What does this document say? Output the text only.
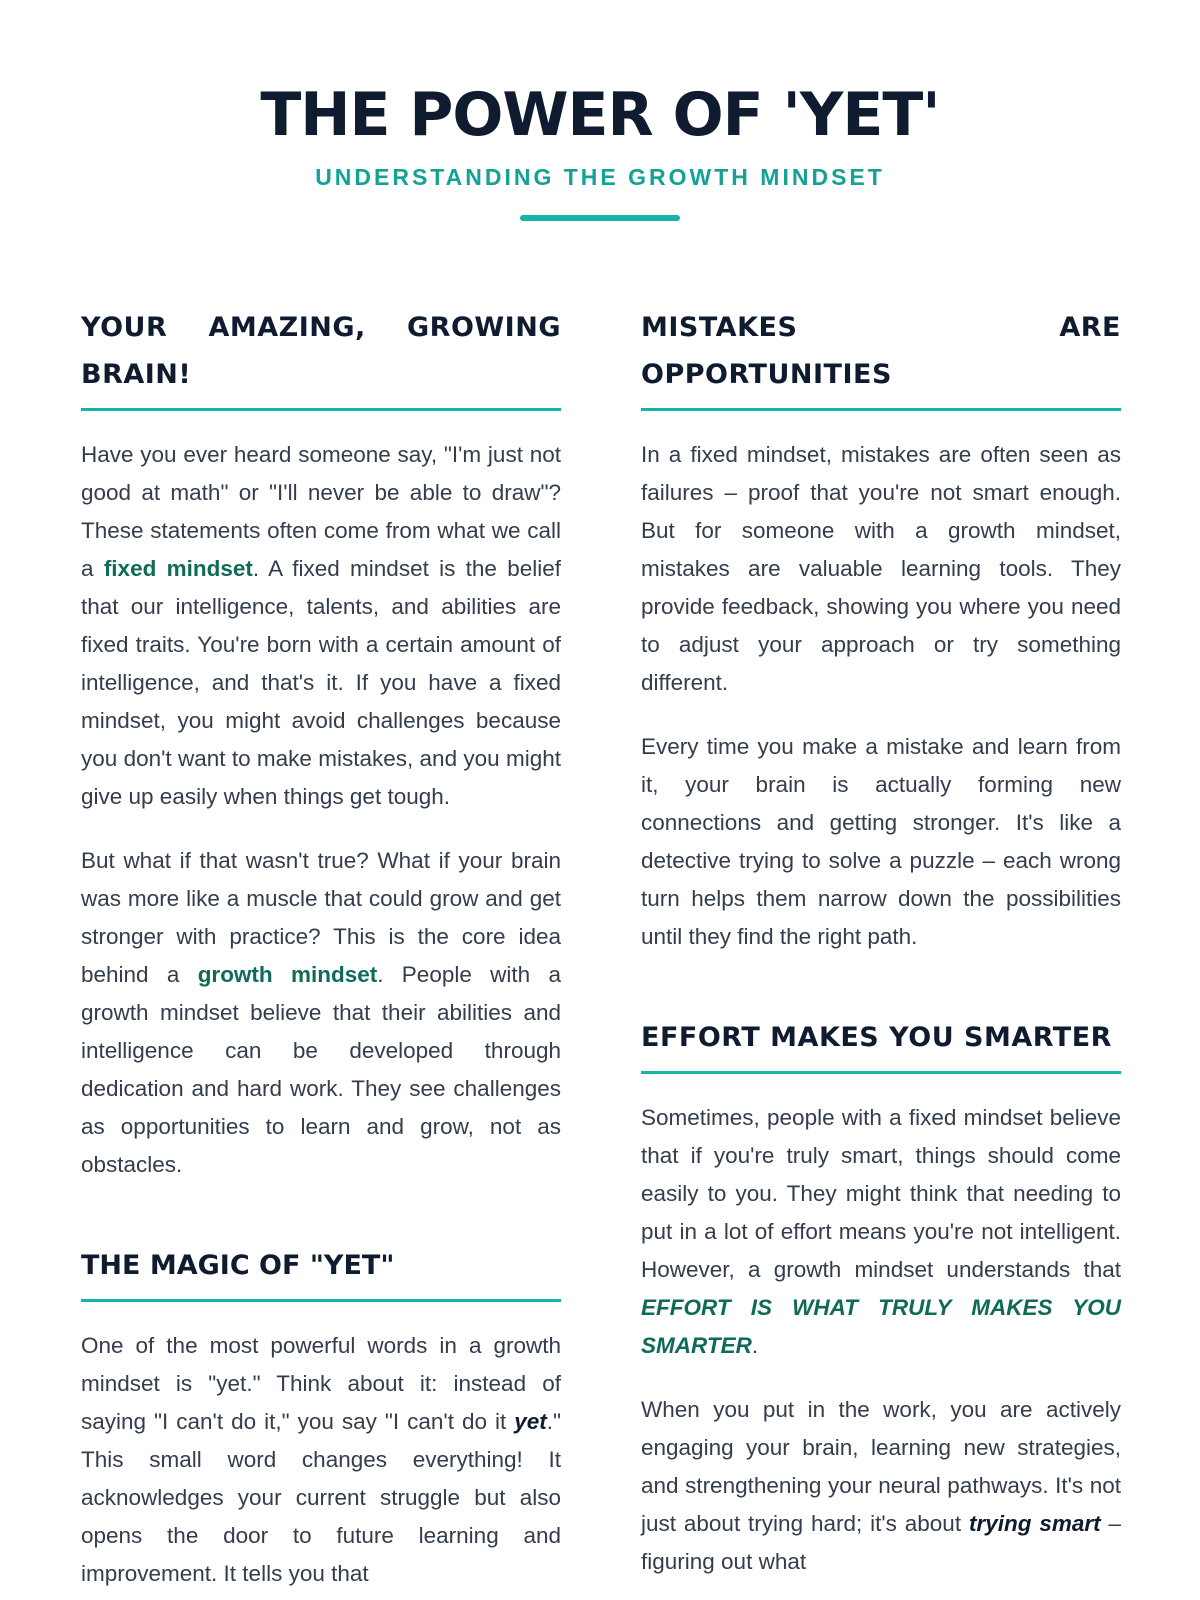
THE POWER OF 'YET'

UNDERSTANDING THE GROWTH MINDSET

YOUR AMAZING, GROWING BRAIN!

Have you ever heard someone say, "I'm just not good at math" or "I'll never be able to draw"? These statements often come from what we call a fixed mindset. A fixed mindset is the belief that our intelligence, talents, and abilities are fixed traits. You're born with a certain amount of intelligence, and that's it. If you have a fixed mindset, you might avoid challenges because you don't want to make mistakes, and you might give up easily when things get tough.

But what if that wasn't true? What if your brain was more like a muscle that could grow and get stronger with practice? This is the core idea behind a growth mindset. People with a growth mindset believe that their abilities and intelligence can be developed through dedication and hard work. They see challenges as opportunities to learn and grow, not as obstacles.

THE MAGIC OF "YET"

One of the most powerful words in a growth mindset is "yet." Think about it: instead of saying "I can't do it," you say "I can't do it yet." This small word changes everything! It acknowledges your current struggle but also opens the door to future learning and improvement. It tells you that

MISTAKES ARE OPPORTUNITIES

In a fixed mindset, mistakes are often seen as failures – proof that you're not smart enough. But for someone with a growth mindset, mistakes are valuable learning tools. They provide feedback, showing you where you need to adjust your approach or try something different.

Every time you make a mistake and learn from it, your brain is actually forming new connections and getting stronger. It's like a detective trying to solve a puzzle – each wrong turn helps them narrow down the possibilities until they find the right path.

EFFORT MAKES YOU SMARTER

Sometimes, people with a fixed mindset believe that if you're truly smart, things should come easily to you. They might think that needing to put in a lot of effort means you're not intelligent. However, a growth mindset understands that EFFORT IS WHAT TRULY MAKES YOU SMARTER.

When you put in the work, you are actively engaging your brain, learning new strategies, and strengthening your neural pathways. It's not just about trying hard; it's about trying smart – figuring out what
